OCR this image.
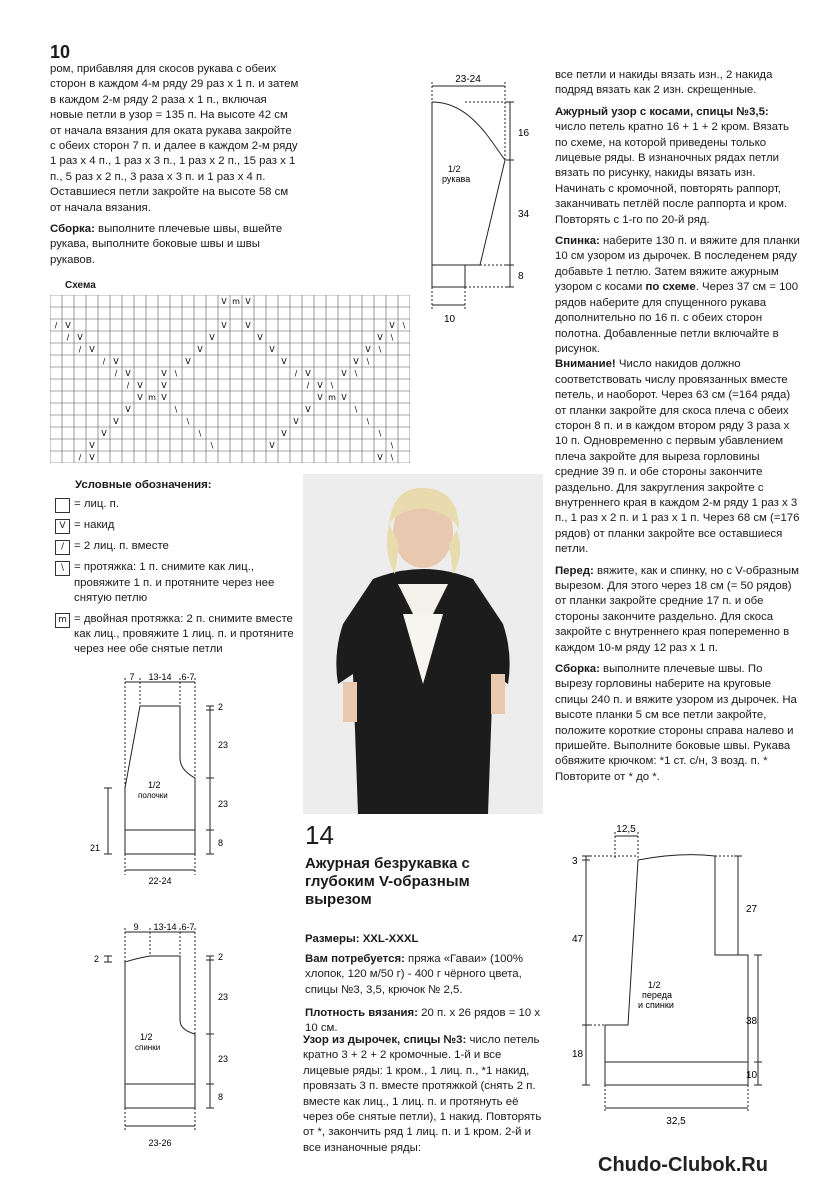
10

ром, прибавляя для скосов рукава с обеих сторон в каждом 4-м ряду 29 раз х 1 п. и затем в каждом 2-м ряду 2 раза х 1 п., включая новые петли в узор = 135 п. На высоте 42 см от начала вязания для оката рукава закройте с обеих сторон 7 п. и далее в каждом 2-м ряду 1 раз х 4 п., 1 раз х 3 п., 1 раз х 2 п., 15 раз х 1 п., 5 раз х 2 п., 3 раза х 3 п. и 1 раз х 4 п. Оставшиеся петли закройте на высоте 58 см от начала вязания.

Сборка: выполните плечевые швы, вшейте рукава, выполните боковые швы и швы рукавов.

23-24
16
34
8
10
1/2
рукава
Схема
V m V
/ V	V V	V \
/ V	V	V	V \
/ V	V	V	V \
/ V	V	V	V \
/ V	V \	/ V	V \
/ V V	/ V \
V m V	V m V
V	\	V	\
V	\	V	\
V	\	V	\
V	\	V	\
/ V	V \
Условные обозначения:
= лиц. п.
V = накид
/ = 2 лиц. п. вместе
\ = протяжка: 1 п. снимите как лиц., провяжите 1 п. и протяните через нее снятую петлю
m = двойная протяжка: 2 п. снимите вместе как лиц., провяжите 1 лиц. п. и протяните через нее обе снятые петли
7 13-14 6-7
2
23
23
8
21
22-24
1/2
полочки
9 13-14 6-7
2	2
23
23
8
23-26
1/2
спинки
14
Ажурная безрукавка с глубоким V-образным вырезом
Размеры: XXL-XXXL
Вам потребуется: пряжа «Гаваи» (100% хлопок, 120 м/50 г) - 400 г чёрного цвета, спицы №3, 3,5, крючок № 2,5.
Плотность вязания: 20 п. х 26 рядов = 10 х 10 см.
Узор из дырочек, спицы №3: число петель кратно 3 + 2 + 2 кромочные. 1-й и все лицевые ряды: 1 кром., 1 лиц. п., *1 накид, провязать 3 п. вместе протяжкой (снять 2 п. вместе как лиц., 1 лиц. п. и протянуть её через обе снятые петли), 1 накид. Повторять от *, закончить ряд 1 лиц. п. и 1 кром. 2-й и все изнаночные ряды:

все петли и накиды вязать изн., 2 накида подряд вязать как 2 изн. скрещенные.

Ажурный узор с косами, спицы №3,5: число петель кратно 16 + 1 + 2 кром. Вязать по схеме, на которой приведены только лицевые ряды. В изнаночных рядах петли вязать по рисунку, накиды вязать изн. Начинать с кромочной, повторять раппорт, заканчивать петлёй после раппорта и кром. Повторять с 1-го по 20-й ряд.

Спинка: наберите 130 п. и вяжите для планки 10 см узором из дырочек. В последенем ряду добавьте 1 петлю. Затем вяжите ажурным узором с косами по схеме. Через 37 см = 100 рядов наберите для спущенного рукава дополнительно по 16 п. с обеих сторон полотна. Добавленные петли включайте в рисунок.

Внимание! Число накидов должно соответствовать числу провязанных вместе петель, и наоборот. Через 63 см (=164 ряда) от планки закройте для скоса плеча с обеих сторон 8 п. и в каждом втором ряду 3 раза х 10 п. Одновременно с первым убавлением плеча закройте для выреза горловины средние 39 п. и обе стороны закончите раздельно. Для закругления закройте с внутреннего края в каждом 2-м ряду 1 раз х 3 п., 1 раз х 2 п. и 1 раз х 1 п. Через 68 см (=176 рядов) от планки закройте все оставшиеся петли.

Перед: вяжите, как и спинку, но с V-образным вырезом. Для этого через 18 см (= 50 рядов) от планки закройте средние 17 п. и обе стороны закончите раздельно. Для скоса закройте с внутреннего края попеременно в каждом 10-м ряду 12 раз х 1 п.

Сборка: выполните плечевые швы. По вырезу горловины наберите на круговые спицы 240 п. и вяжите узором из дырочек. На высоте планки 5 см все петли закройте, положите короткие стороны справа налево и пришейте. Выполните боковые швы. Рукава обвяжите крючком: *1 ст. с/н, 3 возд. п. * Повторите от * до *.

12,5
3
47
18
27
38
10
32,5
1/2
переда
и спинки
Chudo-Clubok.Ru
